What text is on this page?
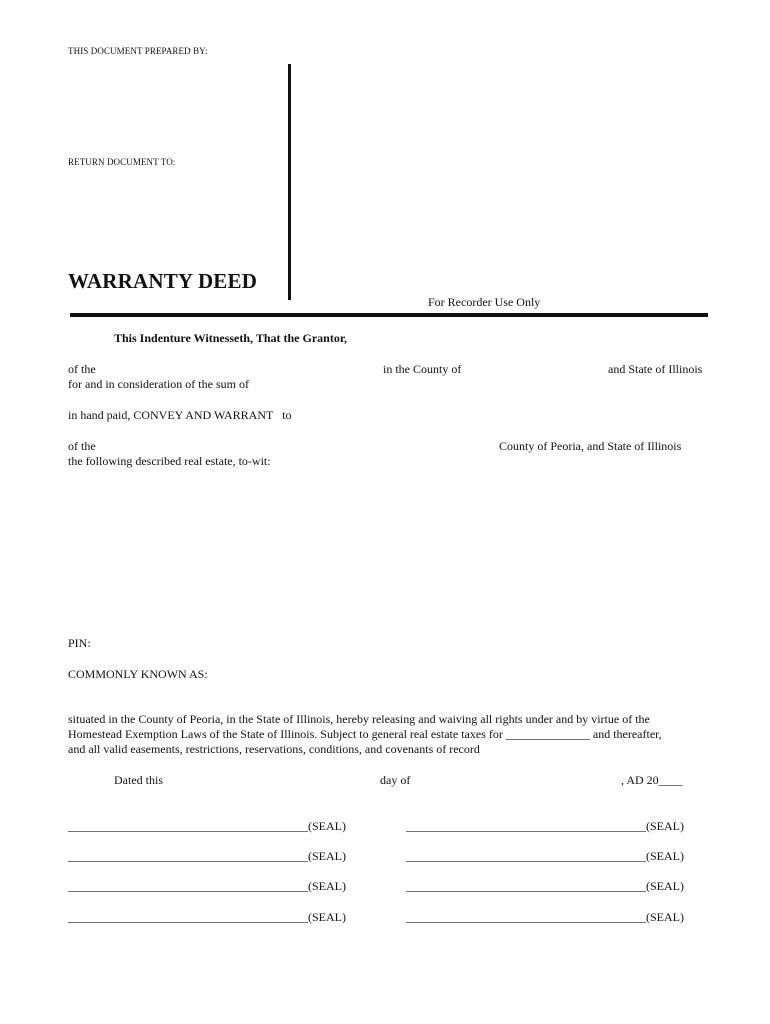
THIS DOCUMENT PREPARED BY:
RETURN DOCUMENT TO:
WARRANTY DEED
For Recorder Use Only
This Indenture Witnesseth, That the Grantor,
of the	in the County of	and State of Illinois
for and in consideration of the sum of
in hand paid, CONVEY AND WARRANT   to
of the	County of Peoria, and State of Illinois
the following described real estate, to-wit:
PIN:
COMMONLY KNOWN AS:
situated in the County of Peoria, in the State of Illinois, hereby releasing and waiving all rights under and by virtue of the
Homestead Exemption Laws of the State of Illinois. Subject to general real estate taxes for ______________ and thereafter,
and all valid easements, restrictions, reservations, conditions, and covenants of record
Dated this	day of	, AD 20____
________________________________________(SEAL)	________________________________________(SEAL)
________________________________________(SEAL)	________________________________________(SEAL)
________________________________________(SEAL)	________________________________________(SEAL)
________________________________________(SEAL)	________________________________________(SEAL)
